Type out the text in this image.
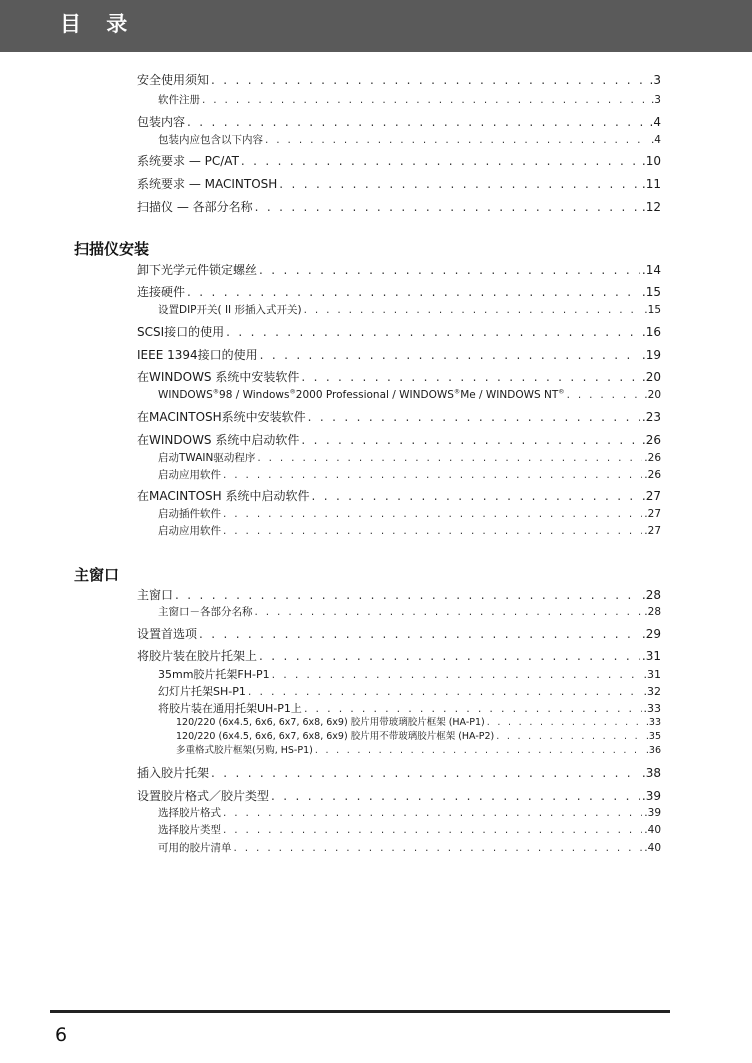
目 录
扫描仪安装
主窗口
安全使用须知 . . .	.3
软件注册 . . .	.3
包装内容 . . .	.4
包装内应包含以下内容 . . .	.4
系统要求 — PC/AT . . .	.10
系统要求 — MACINTOSH . . .	.11
扫描仪 — 各部分名称 . . .	.12
卸下光学元件锁定螺丝 . . .	.14
连接硬件 . . .	.15
设置DIP开关( II 形插入式开关) . . .	.15
SCSI接口的使用 . . .	.16
IEEE 1394接口的使用 . . .	.19
在WINDOWS 系统中安装软件 . . .	.20
WINDOWS®98 / Windows®2000 Professional / WINDOWS®Me / WINDOWS NT® . . .	.20
在MACINTOSH系统中安装软件 . . .	.23
在WINDOWS 系统中启动软件 . . .	.26
启动TWAIN驱动程序 . . .	.26
启动应用软件 . . .	.26
在MACINTOSH 系统中启动软件 . . .	.27
启动插件软件 . . .	.27
启动应用软件 . . .	.27
主窗口 . . .	.28
主窗口－各部分名称 . . .	.28
设置首选项 . . .	.29
将胶片装在胶片托架上 . . .	.31
35mm胶片托架FH-P1 . . .	.31
幻灯片托架SH-P1 . . .	.32
将胶片装在通用托架UH-P1上 . . .	.33
120/220 (6x4.5, 6x6, 6x7, 6x8, 6x9) 胶片用带玻璃胶片框架 (HA-P1) . . .	.33
120/220 (6x4.5, 6x6, 6x7, 6x8, 6x9) 胶片用不带玻璃胶片框架 (HA-P2) . . .	.35
多重格式胶片框架(另购, HS-P1) . . .	.36
插入胶片托架 . . .	.38
设置胶片格式／胶片类型 . . .	.39
选择胶片格式 . . .	.39
选择胶片类型 . . .	.40
可用的胶片清单 . . .	.40
6
